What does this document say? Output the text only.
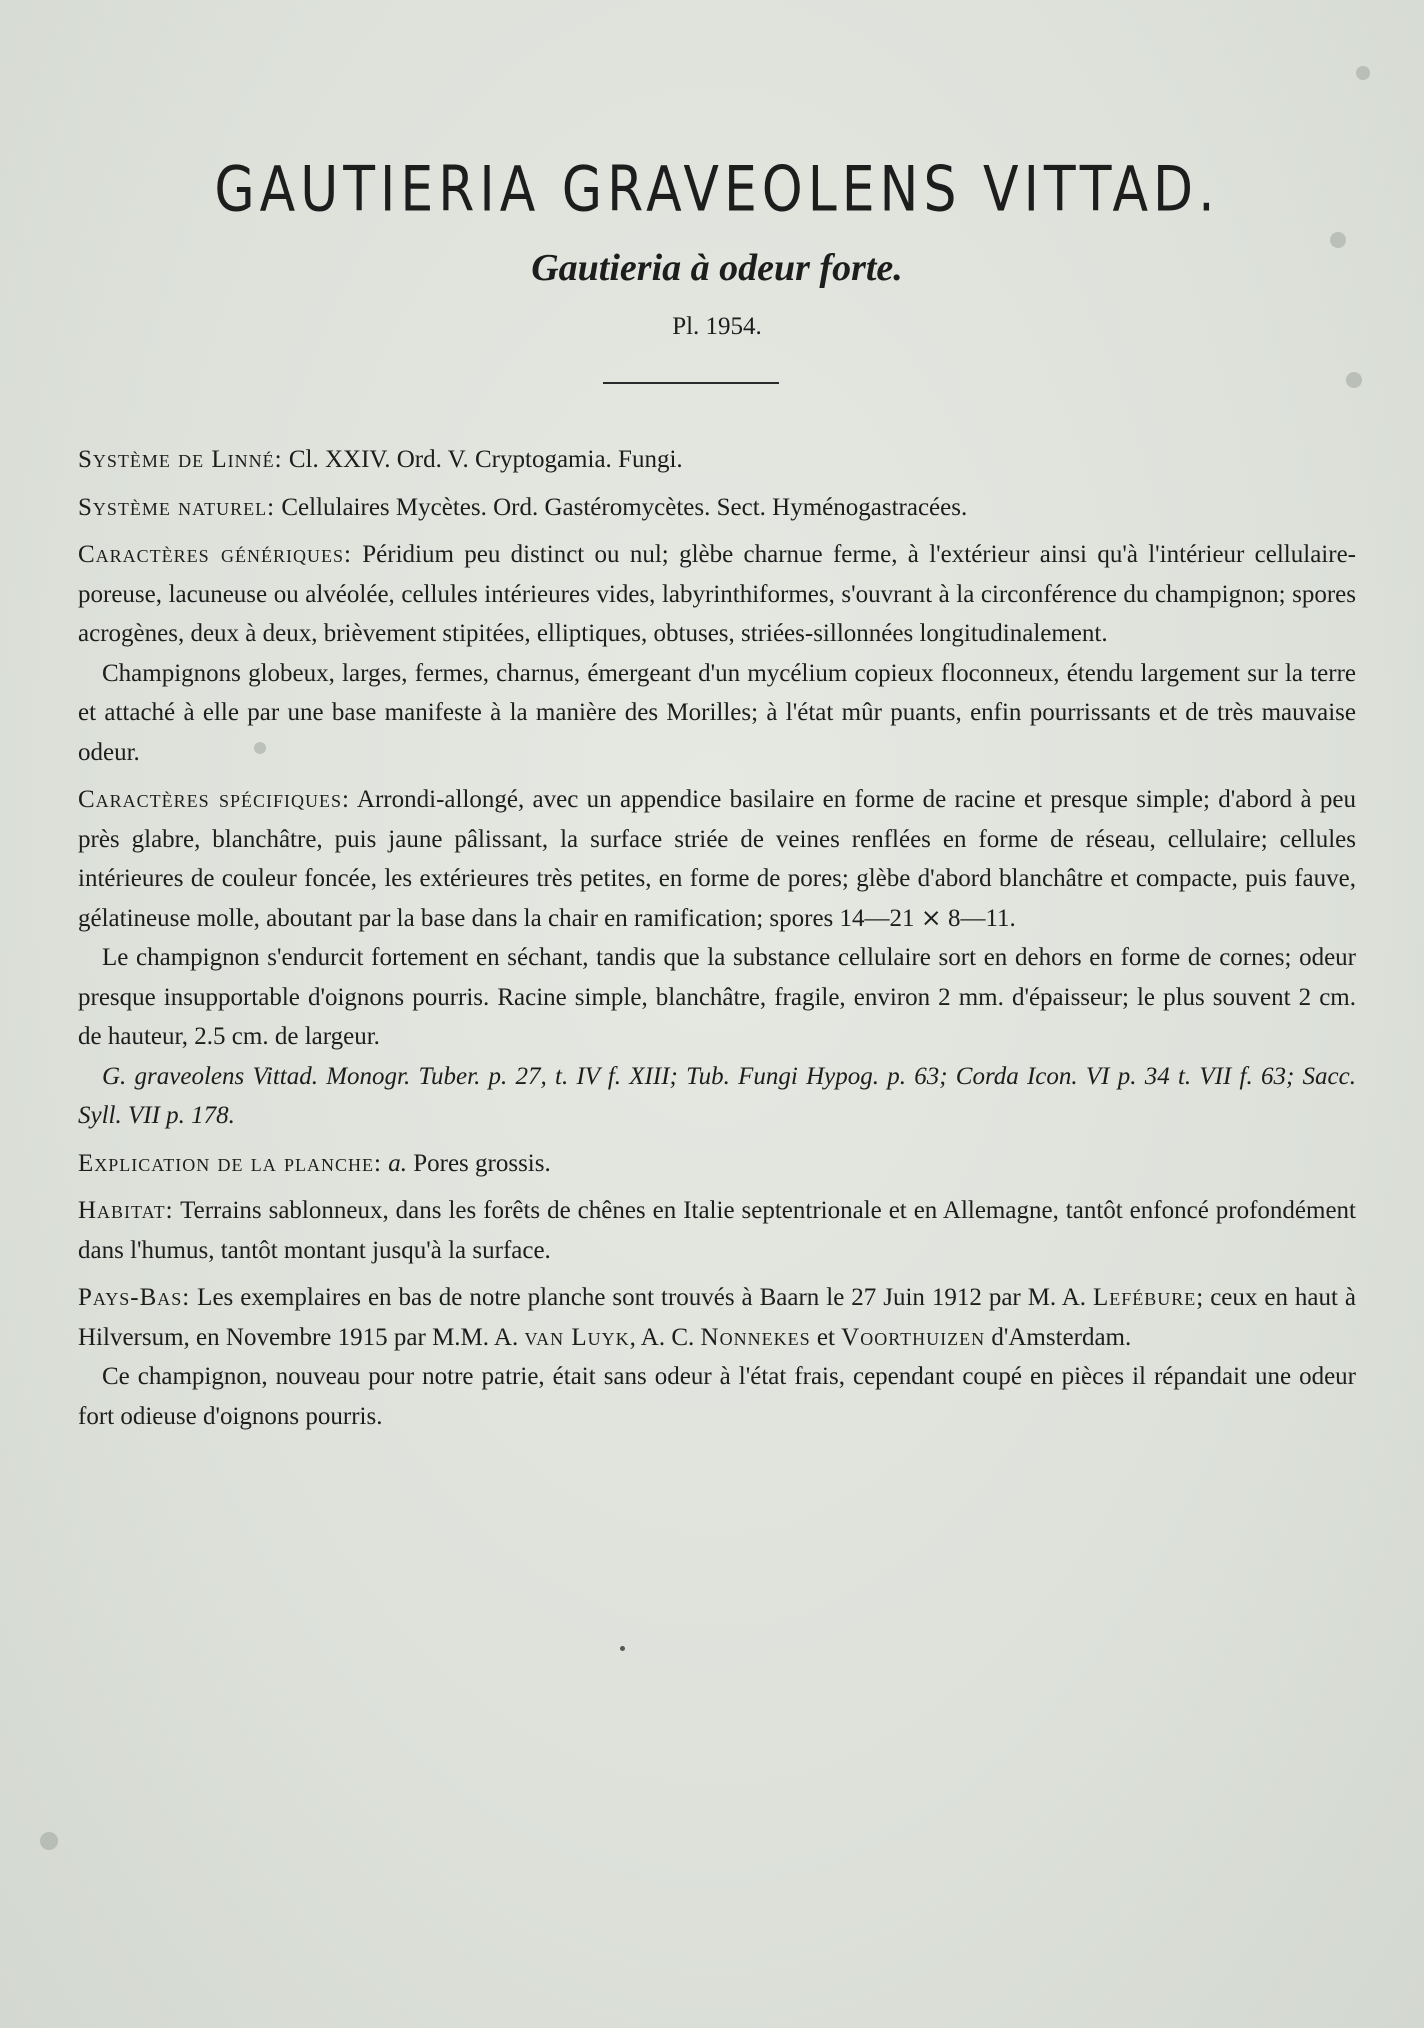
GAUTIERIA GRAVEOLENS VITTAD.
Gautieria à odeur forte.

Pl. 1954.

Système de Linné: Cl. XXIV. Ord. V. Cryptogamia. Fungi.

Système naturel: Cellulaires Mycètes. Ord. Gastéromycètes. Sect. Hyménogastracées.

Caractères génériques: Péridium peu distinct ou nul; glèbe charnue ferme, à l'extérieur ainsi qu'à l'intérieur cellulaire-poreuse, lacuneuse ou alvéolée, cellules intérieures vides, labyrinthiformes, s'ouvrant à la circonférence du champignon; spores acrogènes, deux à deux, brièvement stipitées, elliptiques, obtuses, striées-sillonnées longitudinalement.

Champignons globeux, larges, fermes, charnus, émergeant d'un mycélium copieux floconneux, étendu largement sur la terre et attaché à elle par une base manifeste à la manière des Morilles; à l'état mûr puants, enfin pourrissants et de très mauvaise odeur.

Caractères spécifiques: Arrondi-allongé, avec un appendice basilaire en forme de racine et presque simple; d'abord à peu près glabre, blanchâtre, puis jaune pâlissant, la surface striée de veines renflées en forme de réseau, cellulaire; cellules intérieures de couleur foncée, les extérieures très petites, en forme de pores; glèbe d'abord blanchâtre et compacte, puis fauve, gélatineuse molle, aboutant par la base dans la chair en ramification; spores 14—21 ⨯ 8—11.

Le champignon s'endurcit fortement en séchant, tandis que la substance cellulaire sort en dehors en forme de cornes; odeur presque insupportable d'oignons pourris. Racine simple, blanchâtre, fragile, environ 2 mm. d'épaisseur; le plus souvent 2 cm. de hauteur, 2.5 cm. de largeur.

G. graveolens Vittad. Monogr. Tuber. p. 27, t. IV f. XIII; Tub. Fungi Hypog. p. 63; Corda Icon. VI p. 34 t. VII f. 63; Sacc. Syll. VII p. 178.

Explication de la planche: a. Pores grossis.

Habitat: Terrains sablonneux, dans les forêts de chênes en Italie septentrionale et en Allemagne, tantôt enfoncé profondément dans l'humus, tantôt montant jusqu'à la surface.

Pays-Bas: Les exemplaires en bas de notre planche sont trouvés à Baarn le 27 Juin 1912 par M. A. Lefébure; ceux en haut à Hilversum, en Novembre 1915 par M.M. A. van Luyk, A. C. Nonnekes et Voorthuizen d'Amsterdam.

Ce champignon, nouveau pour notre patrie, était sans odeur à l'état frais, cependant coupé en pièces il répandait une odeur fort odieuse d'oignons pourris.
